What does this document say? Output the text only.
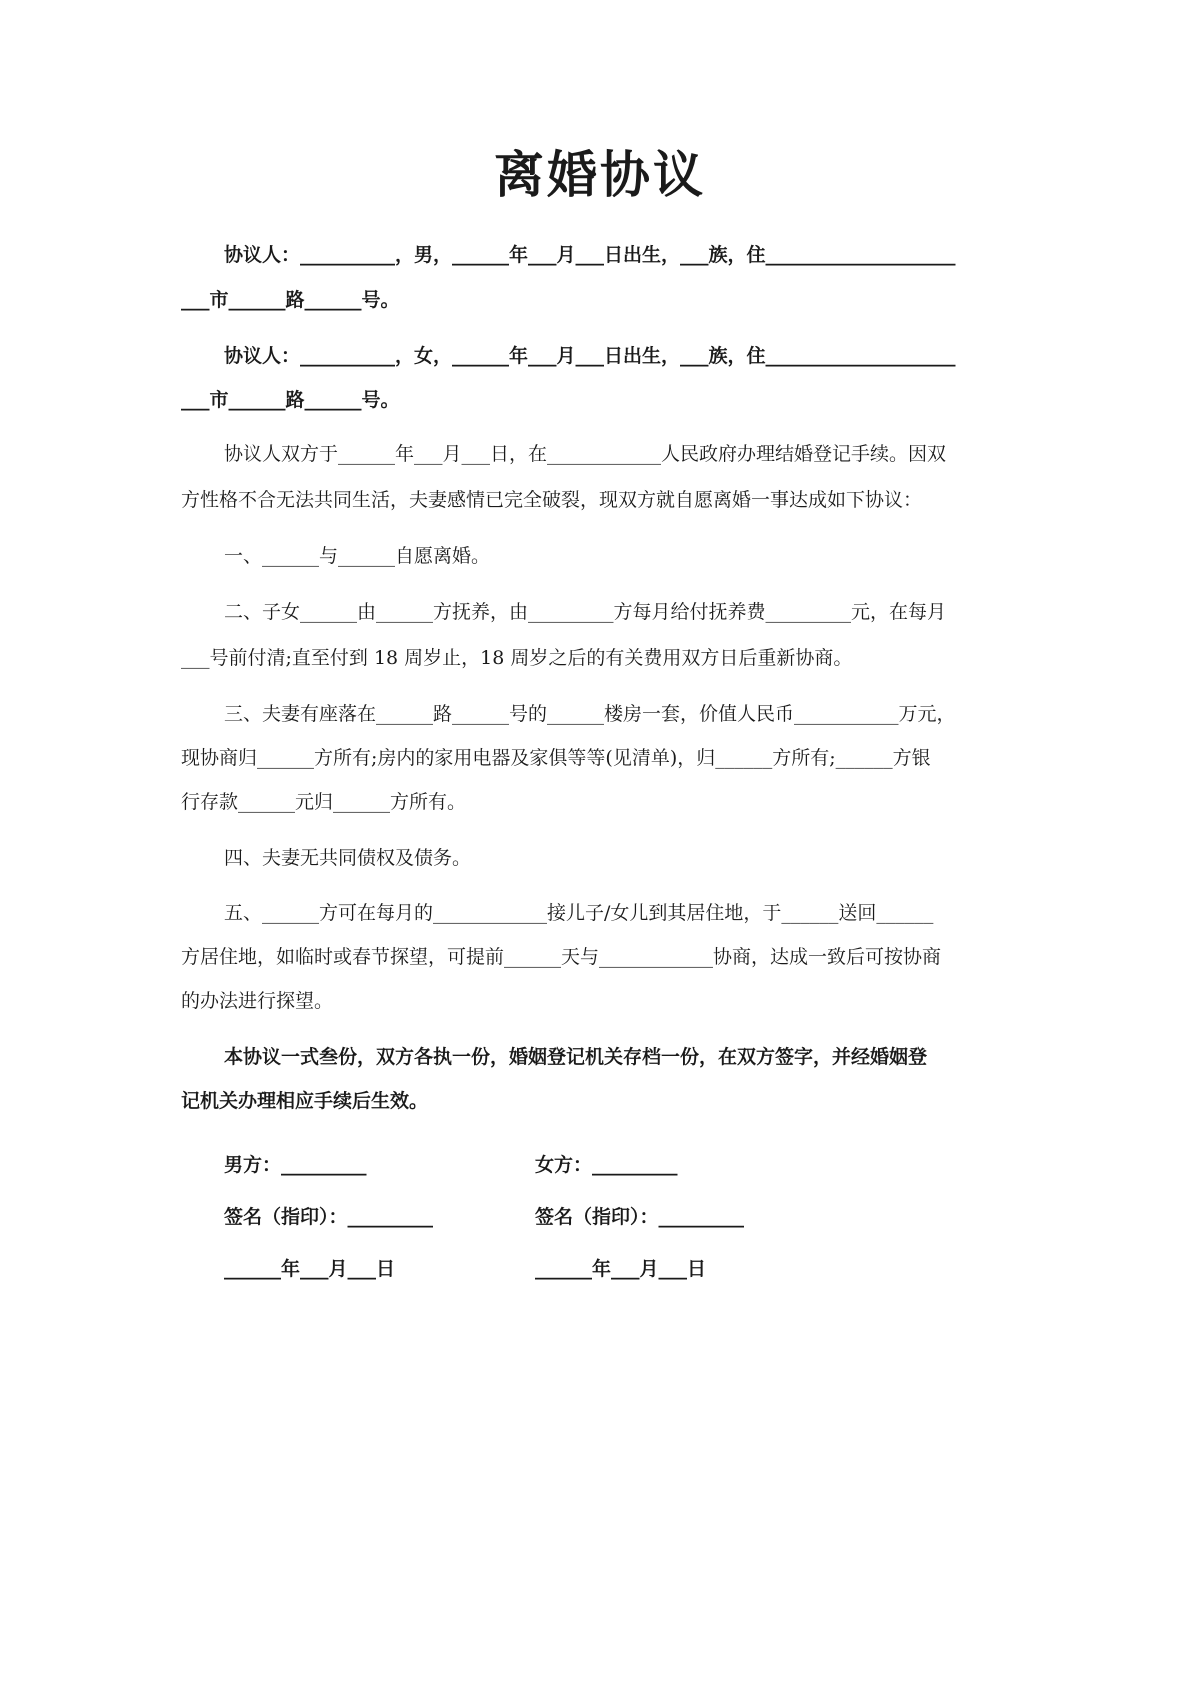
离婚协议

协议人：__________，男，______年___月___日出生，___族，住____________________

___市______路______号。

协议人：__________，女，______年___月___日出生，___族，住____________________

___市______路______号。

协议人双方于______年___月___日，在____________人民政府办理结婚登记手续。因双

方性格不合无法共同生活，夫妻感情已完全破裂，现双方就自愿离婚一事达成如下协议：

一、______与______自愿离婚。

二、子女______由______方抚养，由_________方每月给付抚养费_________元，在每月

___号前付清;直至付到 18 周岁止，18 周岁之后的有关费用双方日后重新协商。

三、夫妻有座落在______路______号的______楼房一套，价值人民币___________万元，

现协商归______方所有;房内的家用电器及家俱等等(见清单)，归______方所有;______方银

行存款______元归______方所有。

四、夫妻无共同债权及债务。

五、______方可在每月的____________接儿子/女儿到其居住地，于______送回______

方居住地，如临时或春节探望，可提前______天与____________协商，达成一致后可按协商

的办法进行探望。

本协议一式叁份，双方各执一份，婚姻登记机关存档一份，在双方签字，并经婚姻登

记机关办理相应手续后生效。

男方：_________	女方：_________

签名（指印）：_________	签名（指印）：_________

______年___月___日	______年___月___日
